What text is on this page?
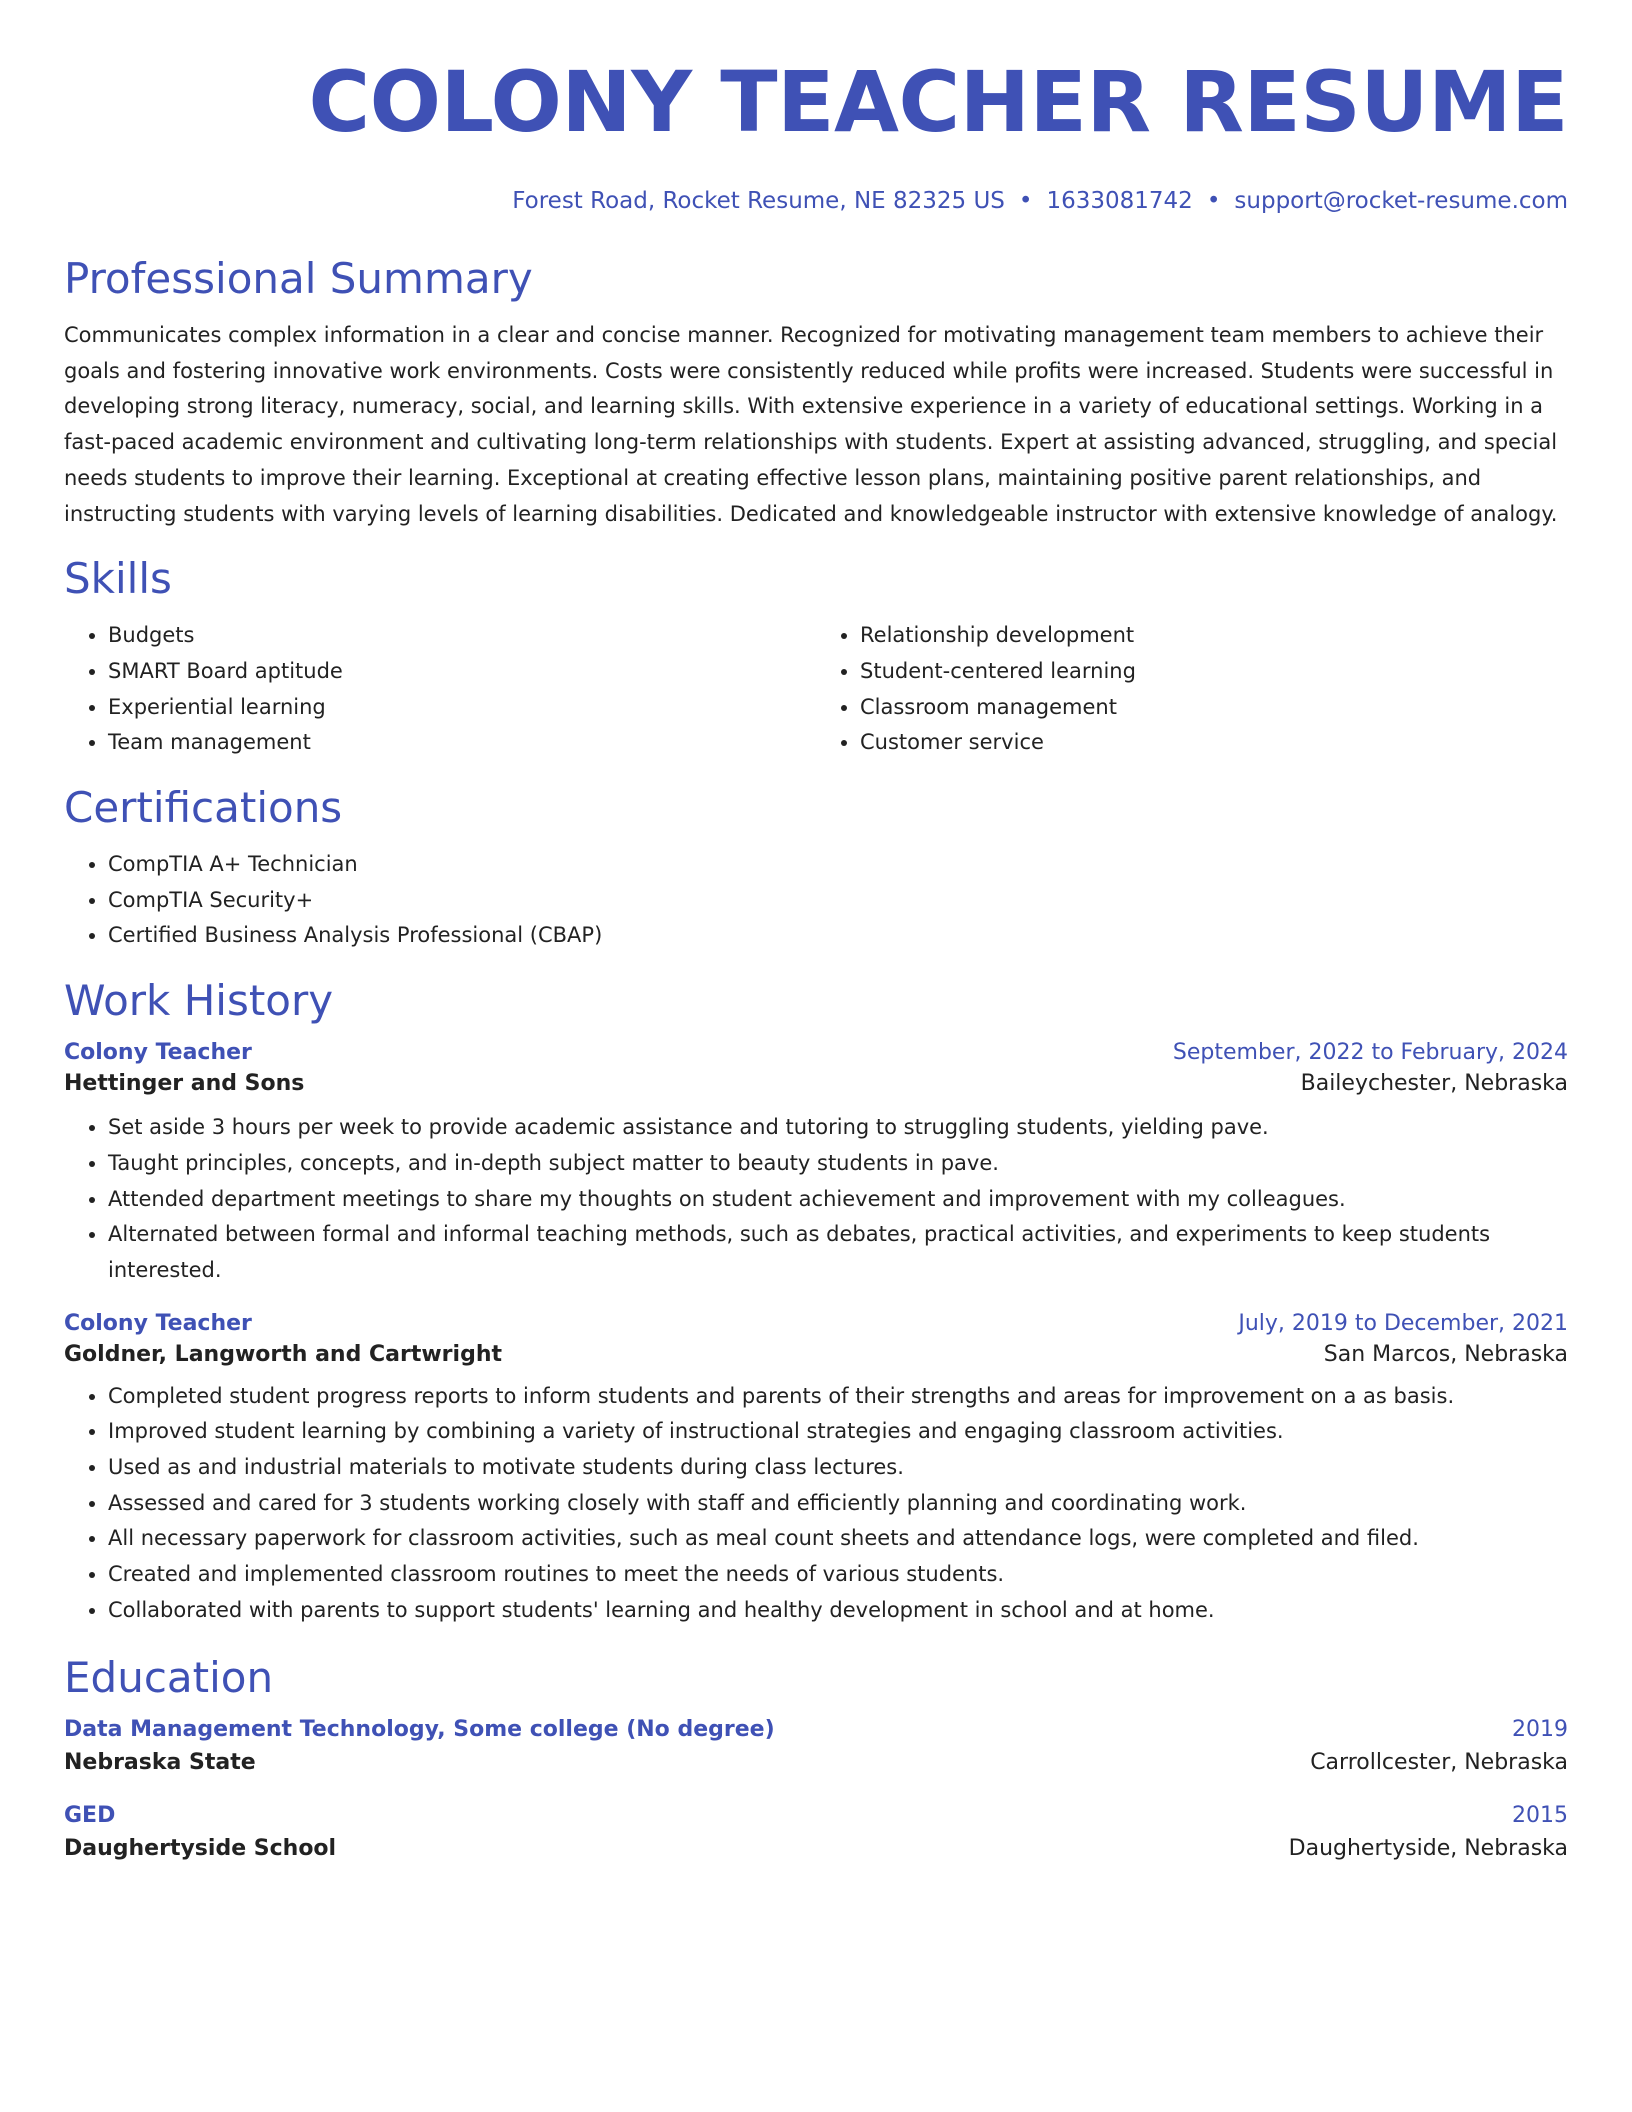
COLONY TEACHER RESUME
Forest Road, Rocket Resume, NE 82325 US • 1633081742 • support@rocket-resume.com
Professional Summary

Communicates complex information in a clear and concise manner. Recognized for motivating management team members to achieve their goals and fostering innovative work environments. Costs were consistently reduced while profits were increased. Students were successful in developing strong literacy, numeracy, social, and learning skills. With extensive experience in a variety of educational settings. Working in a fast-paced academic environment and cultivating long-term relationships with students. Expert at assisting advanced, struggling, and special needs students to improve their learning. Exceptional at creating effective lesson plans, maintaining positive parent relationships, and instructing students with varying levels of learning disabilities. Dedicated and knowledgeable instructor with extensive knowledge of analogy.

Skills
• Budgets
• SMART Board aptitude
• Experiential learning
• Team management
• Relationship development
• Student-centered learning
• Classroom management
• Customer service
Certifications
• CompTIA A+ Technician
• CompTIA Security+
• Certified Business Analysis Professional (CBAP)
Work History
Colony Teacher	September, 2022 to February, 2024
Hettinger and Sons	Baileychester, Nebraska
• Set aside 3 hours per week to provide academic assistance and tutoring to struggling students, yielding pave.
• Taught principles, concepts, and in-depth subject matter to beauty students in pave.
• Attended department meetings to share my thoughts on student achievement and improvement with my colleagues.
• Alternated between formal and informal teaching methods, such as debates, practical activities, and experiments to keep students interested.
Colony Teacher	July, 2019 to December, 2021
Goldner, Langworth and Cartwright	San Marcos, Nebraska
• Completed student progress reports to inform students and parents of their strengths and areas for improvement on a as basis.
• Improved student learning by combining a variety of instructional strategies and engaging classroom activities.
• Used as and industrial materials to motivate students during class lectures.
• Assessed and cared for 3 students working closely with staff and efficiently planning and coordinating work.
• All necessary paperwork for classroom activities, such as meal count sheets and attendance logs, were completed and filed.
• Created and implemented classroom routines to meet the needs of various students.
• Collaborated with parents to support students' learning and healthy development in school and at home.
Education
Data Management Technology, Some college (No degree)	2019
Nebraska State	Carrollcester, Nebraska
GED	2015
Daughertyside School	Daughertyside, Nebraska
